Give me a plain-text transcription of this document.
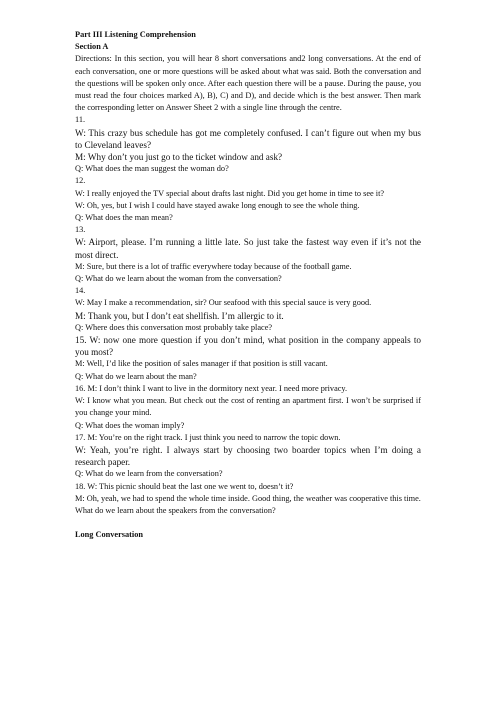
Part III Listening Comprehension

Section A

Directions: In this section, you will hear 8 short conversations and2 long conversations. At the end of each conversation, one or more questions will be asked about what was said. Both the conversation and the questions will be spoken only once. After each question there will be a pause. During the pause, you must read the four choices marked A), B), C) and D), and decide which is the best answer. Then mark the corresponding letter on Answer Sheet 2 with a single line through the centre.

11.

W: This crazy bus schedule has got me completely confused. I can’t figure out when my bus to Cleveland leaves?

M: Why don’t you just go to the ticket window and ask?

Q: What does the man suggest the woman do?

12.

W: I really enjoyed the TV special about drafts last night. Did you get home in time to see it?

W: Oh, yes, but I wish I could have stayed awake long enough to see the whole thing.

Q: What does the man mean?

13.

W: Airport, please. I’m running a little late. So just take the fastest way even if it’s not the most direct.

M: Sure, but there is a lot of traffic everywhere today because of the football game.

Q: What do we learn about the woman from the conversation?

14.

W: May I make a recommendation, sir? Our seafood with this special sauce is very good.

M: Thank you, but I don’t eat shellfish. I’m allergic to it.

Q: Where does this conversation most probably take place?

15. W: now one more question if you don’t mind, what position in the company appeals to you most?

M: Well, I’d like the position of sales manager if that position is still vacant.

Q: What do we learn about the man?

16. M: I don’t think I want to live in the dormitory next year. I need more privacy.

W: I know what you mean. But check out the cost of renting an apartment first. I won’t be surprised if you change your mind.

Q: What does the woman imply?

17. M: You’re on the right track. I just think you need to narrow the topic down.

W: Yeah, you’re right. I always start by choosing two boarder topics when I’m doing a research paper.

Q: What do we learn from the conversation?

18. W: This picnic should beat the last one we went to, doesn’t it?

M: Oh, yeah, we had to spend the whole time inside. Good thing, the weather was cooperative this time.

What do we learn about the speakers from the conversation?

Long Conversation
